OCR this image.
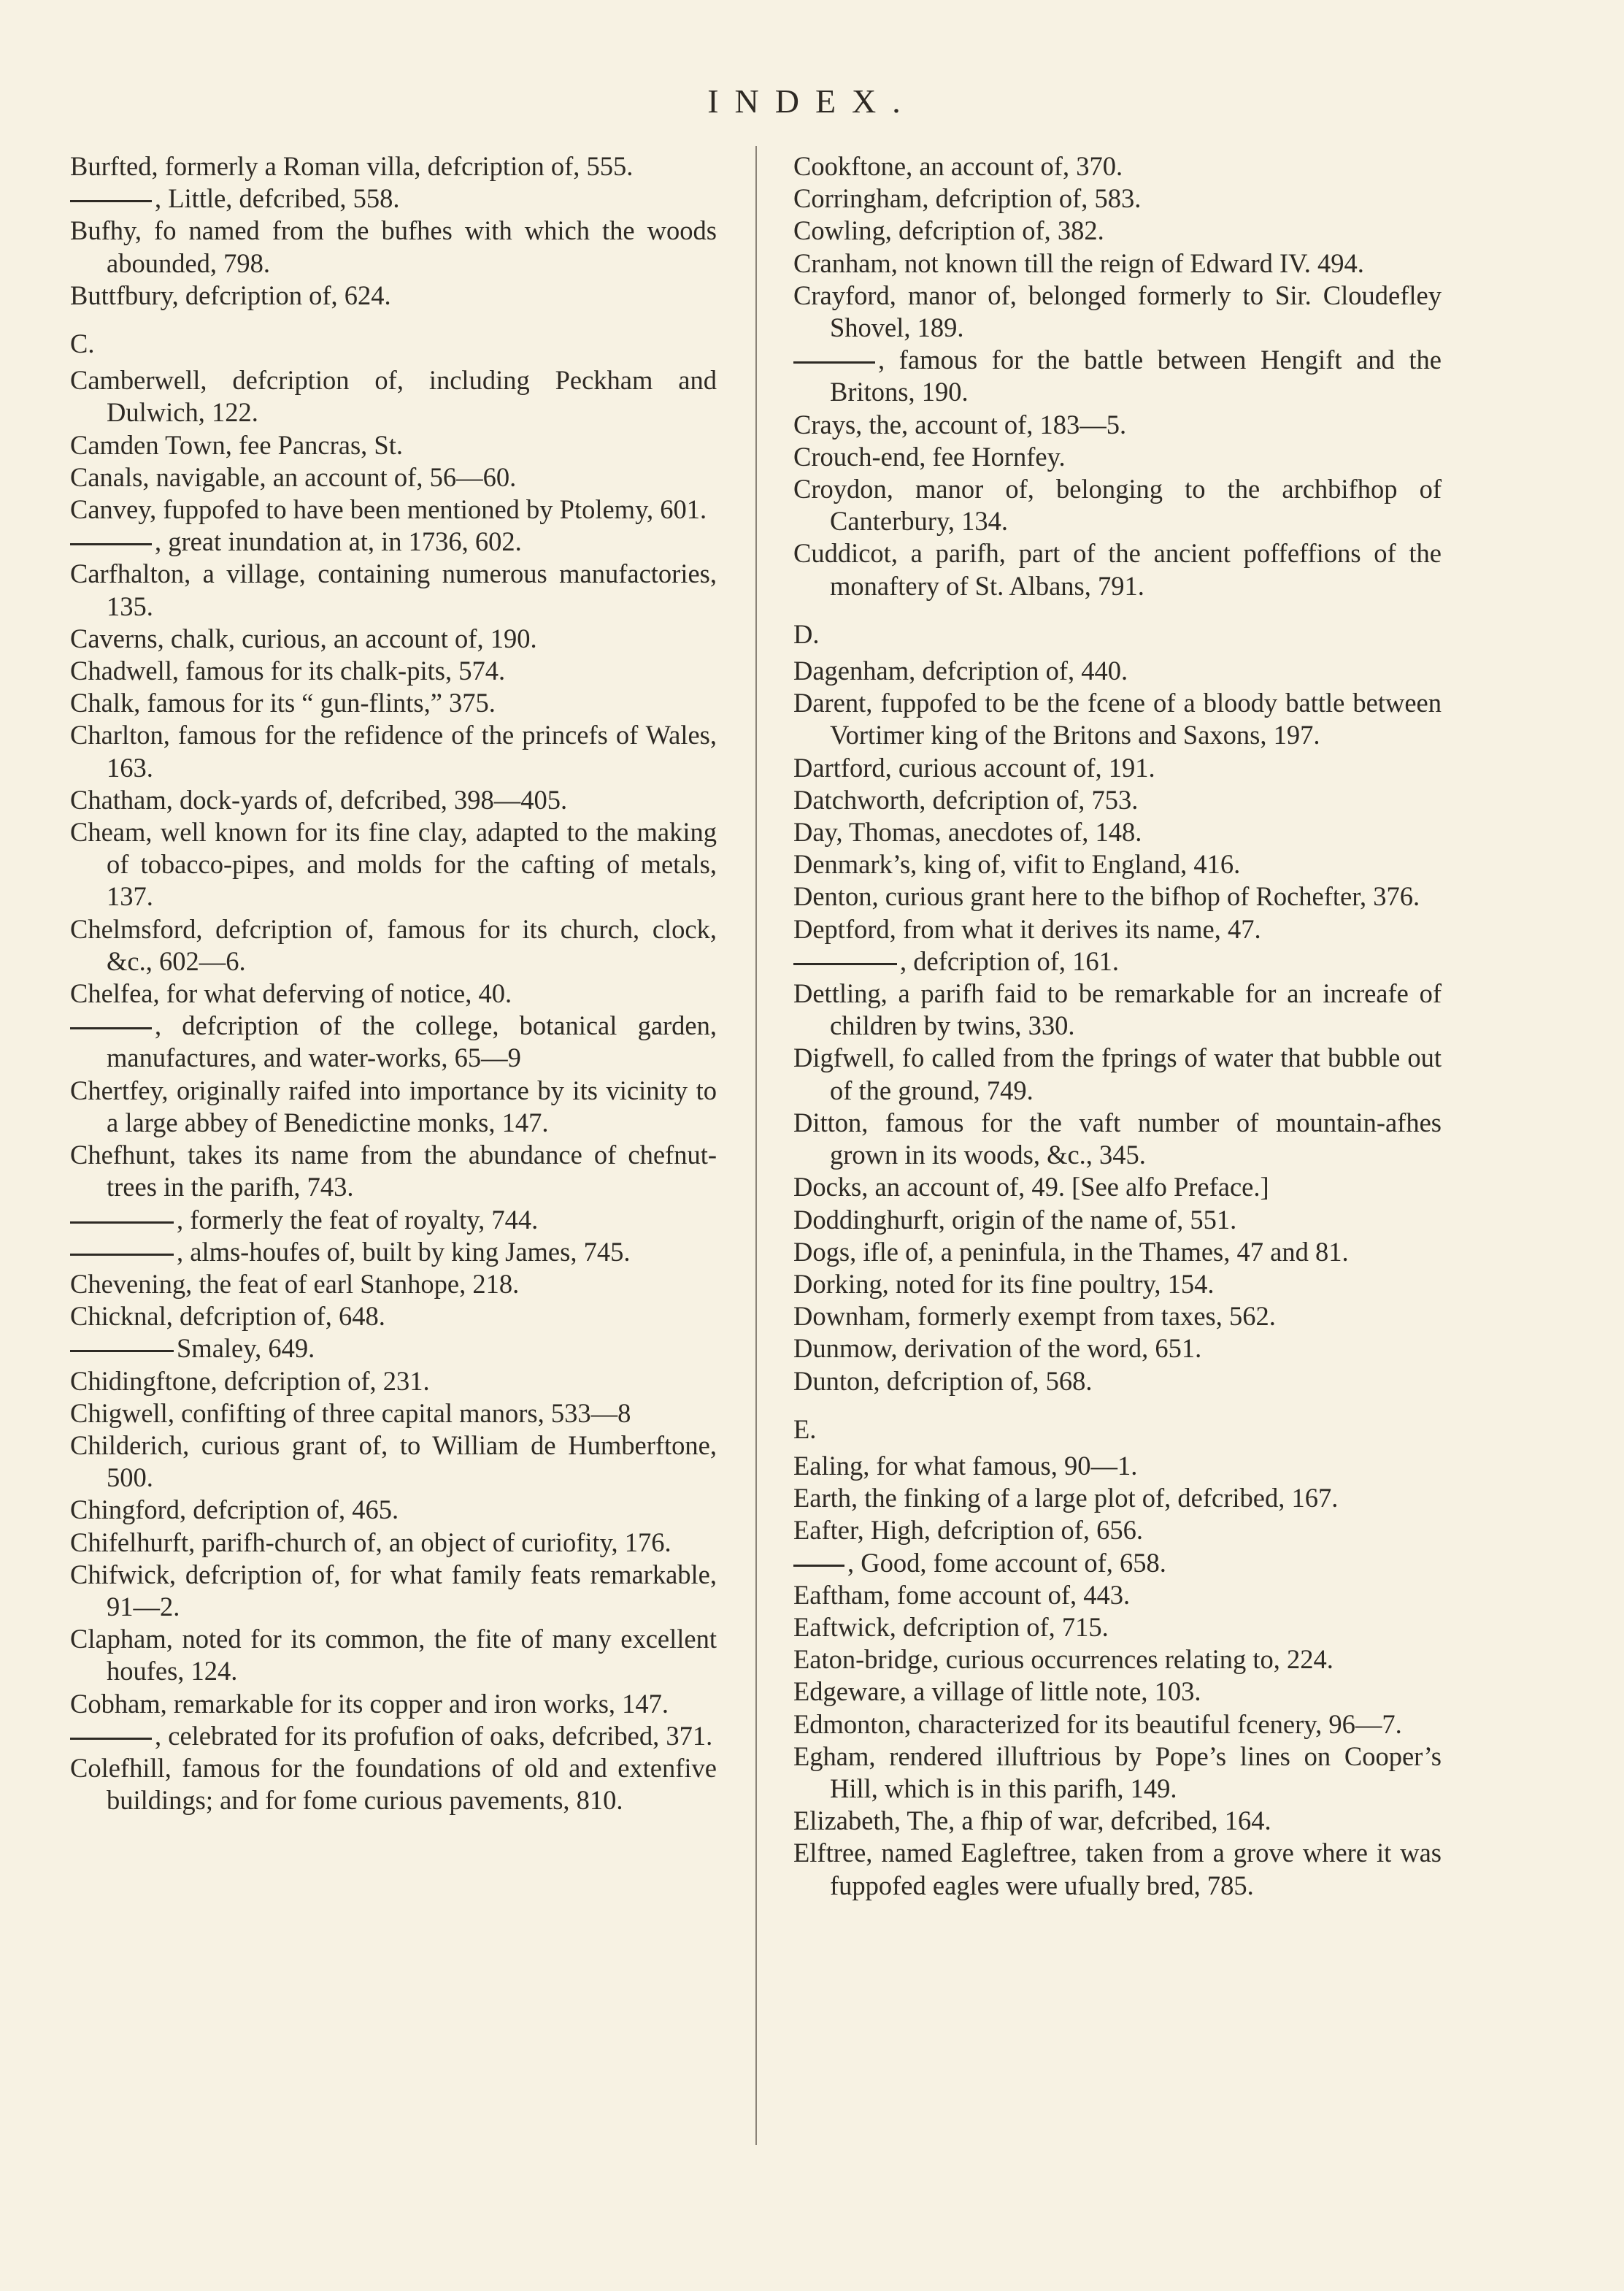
INDEX.
Burfted, formerly a Roman villa, defcription of, 555.
, Little, defcribed, 558.
Bufhy, fo named from the bufhes with which the woods abounded, 798.
Buttfbury, defcription of, 624.
C.
Camberwell, defcription of, including Peckham and Dulwich, 122.
Camden Town, fee Pancras, St.
Canals, navigable, an account of, 56—60.
Canvey, fuppofed to have been mentioned by Ptolemy, 601.
, great inundation at, in 1736, 602.
Carfhalton, a village, containing numerous manufactories, 135.
Caverns, chalk, curious, an account of, 190.
Chadwell, famous for its chalk-pits, 574.
Chalk, famous for its “ gun-flints,” 375.
Charlton, famous for the refidence of the princefs of Wales, 163.
Chatham, dock-yards of, defcribed, 398—405.
Cheam, well known for its fine clay, adapted to the making of tobacco-pipes, and molds for the cafting of metals, 137.
Chelmsford, defcription of, famous for its church, clock, &c., 602—6.
Chelfea, for what deferving of notice, 40.
, defcription of the college, botanical garden, manufactures, and water-works, 65—9
Chertfey, originally raifed into importance by its vicinity to a large abbey of Benedictine monks, 147.
Chefhunt, takes its name from the abundance of chefnut-trees in the parifh, 743.
, formerly the feat of royalty, 744.
, alms-houfes of, built by king James, 745.
Chevening, the feat of earl Stanhope, 218.
Chicknal, defcription of, 648.
Smaley, 649.
Chidingftone, defcription of, 231.
Chigwell, confifting of three capital manors, 533—8
Childerich, curious grant of, to William de Humberftone, 500.
Chingford, defcription of, 465.
Chifelhurft, parifh-church of, an object of curiofity, 176.
Chifwick, defcription of, for what family feats remarkable, 91—2.
Clapham, noted for its common, the fite of many excellent houfes, 124.
Cobham, remarkable for its copper and iron works, 147.
, celebrated for its profufion of oaks, defcribed, 371.
Colefhill, famous for the foundations of old and extenfive buildings; and for fome curious pavements, 810.
Cookftone, an account of, 370.
Corringham, defcription of, 583.
Cowling, defcription of, 382.
Cranham, not known till the reign of Edward IV. 494.
Crayford, manor of, belonged formerly to Sir. Cloudefley Shovel, 189.
, famous for the battle between Hengift and the Britons, 190.
Crays, the, account of, 183—5.
Crouch-end, fee Hornfey.
Croydon, manor of, belonging to the archbifhop of Canterbury, 134.
Cuddicot, a parifh, part of the ancient poffeffions of the monaftery of St. Albans, 791.
D.
Dagenham, defcription of, 440.
Darent, fuppofed to be the fcene of a bloody battle between Vortimer king of the Britons and Saxons, 197.
Dartford, curious account of, 191.
Datchworth, defcription of, 753.
Day, Thomas, anecdotes of, 148.
Denmark’s, king of, vifit to England, 416.
Denton, curious grant here to the bifhop of Rochefter, 376.
Deptford, from what it derives its name, 47.
, defcription of, 161.
Dettling, a parifh faid to be remarkable for an increafe of children by twins, 330.
Digfwell, fo called from the fprings of water that bubble out of the ground, 749.
Ditton, famous for the vaft number of mountain-afhes grown in its woods, &c., 345.
Docks, an account of, 49. [See alfo Preface.]
Doddinghurft, origin of the name of, 551.
Dogs, ifle of, a peninfula, in the Thames, 47 and 81.
Dorking, noted for its fine poultry, 154.
Downham, formerly exempt from taxes, 562.
Dunmow, derivation of the word, 651.
Dunton, defcription of, 568.
E.
Ealing, for what famous, 90—1.
Earth, the finking of a large plot of, defcribed, 167.
Eafter, High, defcription of, 656.
, Good, fome account of, 658.
Eaftham, fome account of, 443.
Eaftwick, defcription of, 715.
Eaton-bridge, curious occurrences relating to, 224.
Edgeware, a village of little note, 103.
Edmonton, characterized for its beautiful fcenery, 96—7.
Egham, rendered illuftrious by Pope’s lines on Cooper’s Hill, which is in this parifh, 149.
Elizabeth, The, a fhip of war, defcribed, 164.
Elftree, named Eagleftree, taken from a grove where it was fuppofed eagles were ufually bred, 785.
